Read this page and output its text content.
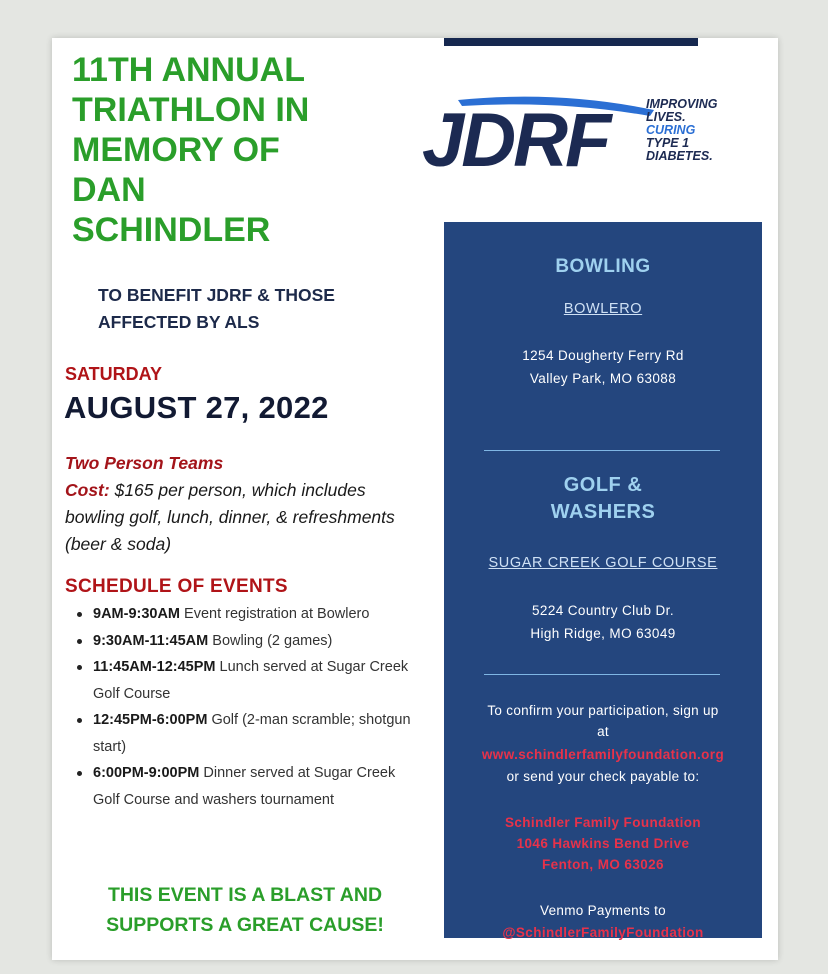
11TH ANNUAL
TRIATHLON IN
MEMORY OF
DAN
SCHINDLER
TO BENEFIT JDRF & THOSE
AFFECTED BY ALS
SATURDAY
AUGUST 27, 2022
Two Person Teams
Cost: $165 per person, which includes bowling golf, lunch, dinner, & refreshments (beer & soda)
SCHEDULE OF EVENTS
9AM-9:30AM Event registration at Bowlero
9:30AM-11:45AM Bowling (2 games)
11:45AM-12:45PM Lunch served at Sugar Creek Golf Course
12:45PM-6:00PM Golf (2-man scramble; shotgun start)
6:00PM-9:00PM Dinner served at Sugar Creek Golf Course and washers tournament
THIS EVENT IS A BLAST AND
SUPPORTS A GREAT CAUSE!
JDRF	IMPROVING
LIVES.
CURING
TYPE 1
DIABETES.
BOWLING
BOWLERO
1254 Dougherty Ferry Rd
Valley Park, MO 63088
GOLF &
WASHERS
SUGAR CREEK GOLF COURSE
5224 Country Club Dr.
High Ridge, MO 63049
To confirm your participation, sign up
at
www.schindlerfamilyfoundation.org
or send your check payable to:
Schindler Family Foundation
1046 Hawkins Bend Drive
Fenton, MO 63026
Venmo Payments to
@SchindlerFamilyFoundation
